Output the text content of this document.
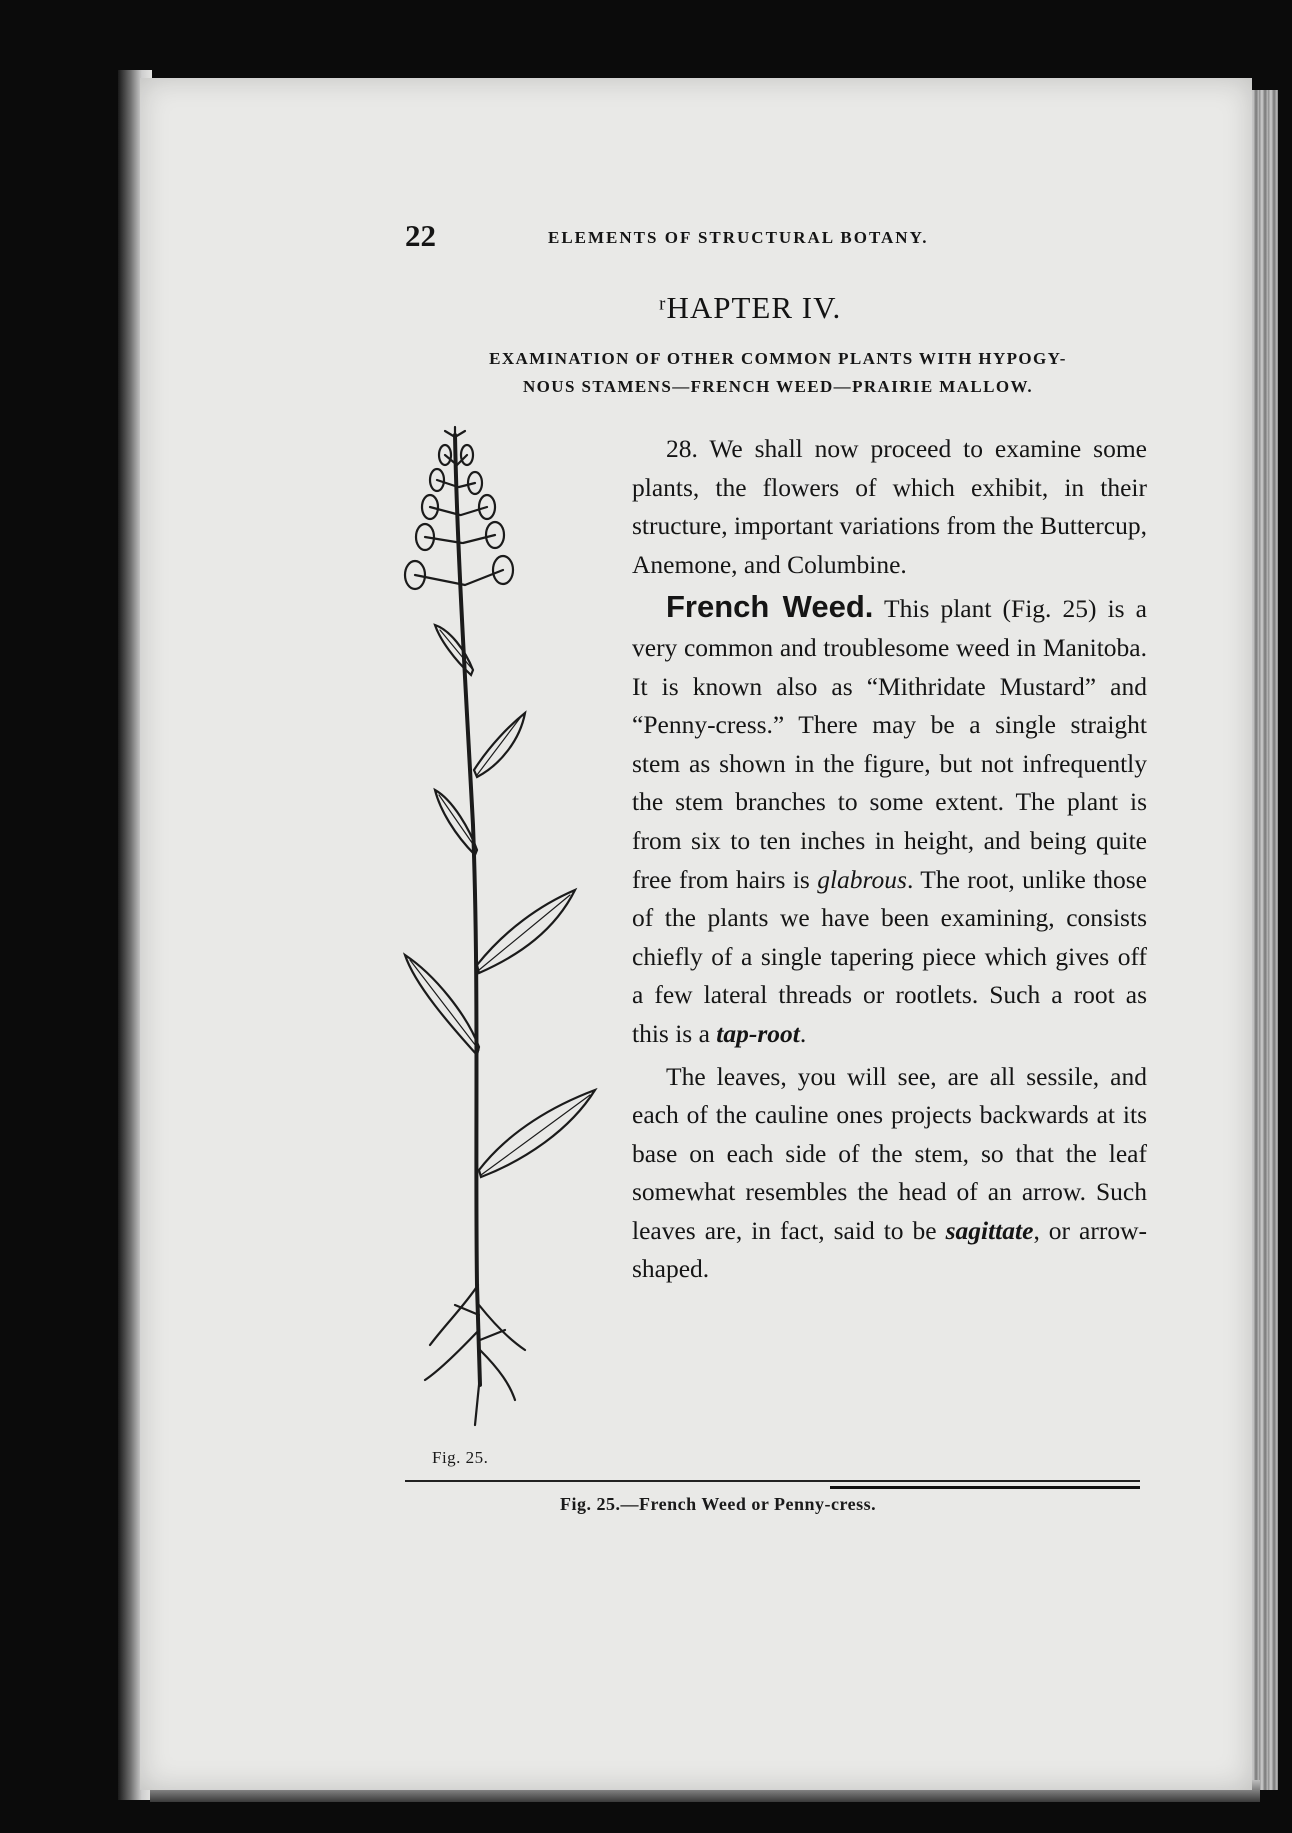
22	ELEMENTS OF STRUCTURAL BOTANY.
ʳHAPTER IV.
EXAMINATION OF OTHER COMMON PLANTS WITH HYPOGY-
NOUS STAMENS—FRENCH WEED—PRAIRIE MALLOW.

28. We shall now proceed to examine some plants, the flowers of which exhibit, in their structure, important variations from the Buttercup, Anemone, and Columbine.

French Weed. This plant (Fig. 25) is a very common and troublesome weed in Manitoba. It is known also as “Mithridate Mustard” and “Penny-cress.” There may be a single straight stem as shown in the figure, but not infrequently the stem branches to some extent. The plant is from six to ten inches in height, and being quite free from hairs is glabrous. The root, unlike those of the plants we have been examining, consists chiefly of a single tapering piece which gives off a few lateral threads or rootlets. Such a root as this is a tap-root.

The leaves, you will see, are all sessile, and each of the cauline ones projects backwards at its base on each side of the stem, so that the leaf somewhat resembles the head of an arrow. Such leaves are, in fact, said to be sagittate, or arrow-shaped.

Fig. 25.
Fig. 25.—French Weed or Penny-cress.
